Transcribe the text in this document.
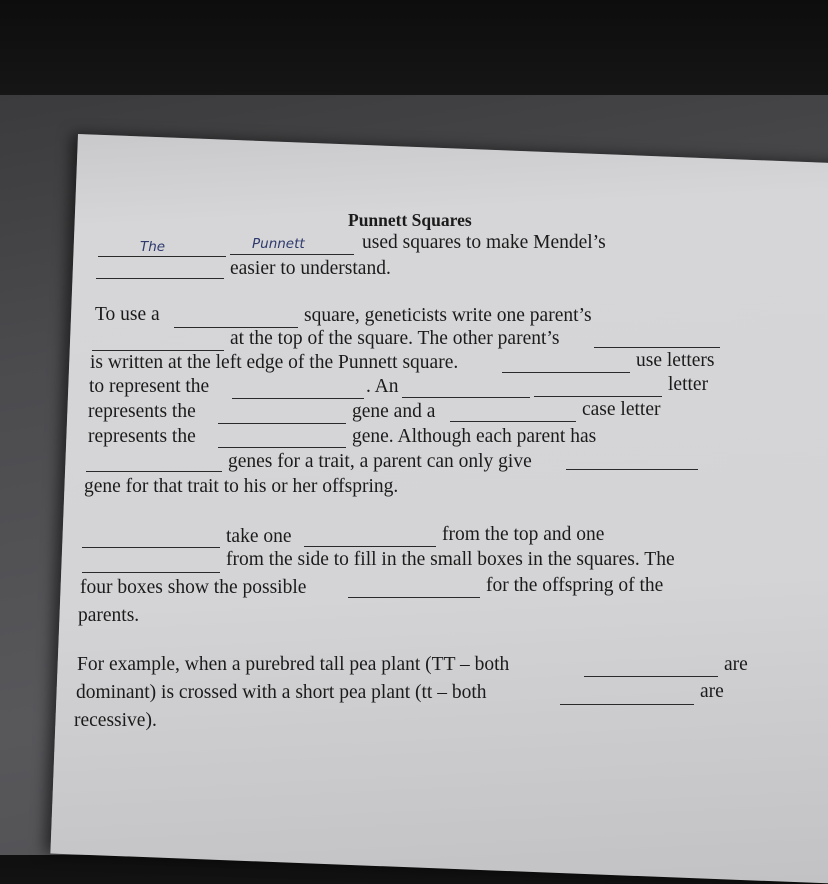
Punnett Squares
The	Punnett	used squares to make Mendel’s
easier to understand.
To use a	square, geneticists write one parent’s
at the top of the square. The other parent’s
is written at the left edge of the Punnett square.	use letters
to represent the	. An	letter
represents the	gene and a	case letter
represents the	gene. Although each parent has
genes for a trait, a parent can only give
gene for that trait to his or her offspring.
take one	from the top and one
from the side to fill in the small boxes in the squares. The
four boxes show the possible	for the offspring of the
parents.
For example, when a purebred tall pea plant (TT – both	are
dominant) is crossed with a short pea plant (tt – both	are
recessive).
